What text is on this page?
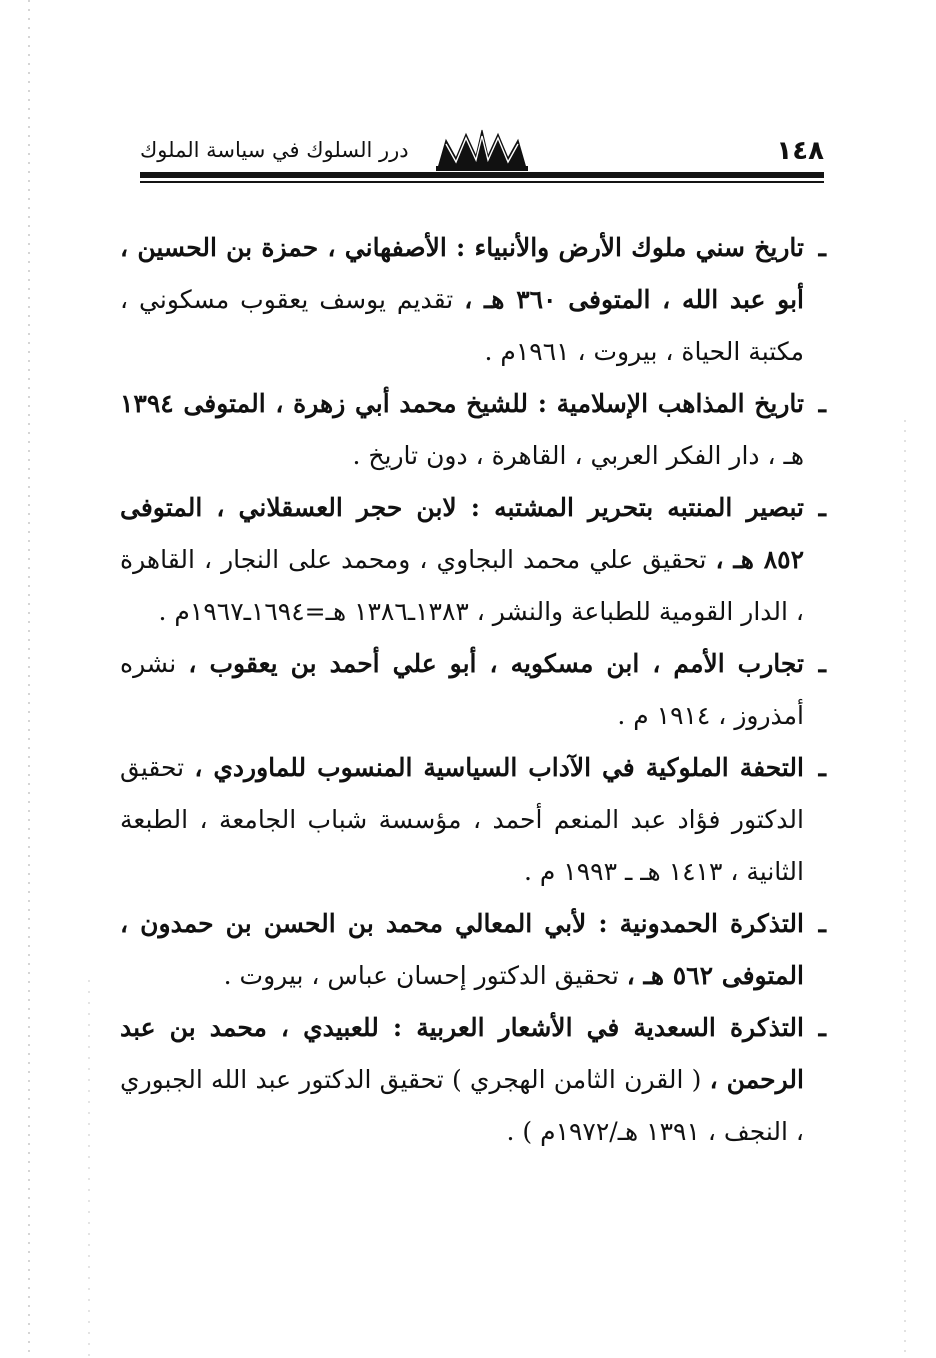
١٤٨
درر السلوك في سياسة الملوك

ـ
تاريخ سني ملوك الأرض والأنبياء : الأصفهاني ، حمزة بن الحسين ، أبو عبد الله ، المتوفى ٣٦٠ هـ ، تقديم يوسف يعقوب مسكوني ، مكتبة الحياة ، بيروت ، ١٩٦١م .

ـ
تاريخ المذاهب الإسلامية : للشيخ محمد أبي زهرة ، المتوفى ١٣٩٤ هـ ، دار الفكر العربي ، القاهرة ، دون تاريخ .

ـ
تبصير المنتبه بتحرير المشتبه : لابن حجر العسقلاني ، المتوفى ٨٥٢ هـ ، تحقيق علي محمد البجاوي ، ومحمد على النجار ، القاهرة ، الدار القومية للطباعة والنشر ، ١٣٨٣ـ١٣٨٦ هـ=١٦٩٤ـ١٩٦٧م .

ـ
تجارب الأمم ، ابن مسكويه ، أبو علي أحمد بن يعقوب ، نشره أمذروز ، ١٩١٤ م .

ـ
التحفة الملوكية في الآداب السياسية المنسوب للماوردي ، تحقيق الدكتور فؤاد عبد المنعم أحمد ، مؤسسة شباب الجامعة ، الطبعة الثانية ، ١٤١٣ هـ ـ ١٩٩٣ م .

ـ
التذكرة الحمدونية : لأبي المعالي محمد بن الحسن بن حمدون ، المتوفى ٥٦٢ هـ ، تحقيق الدكتور إحسان عباس ، بيروت .

ـ
التذكرة السعدية في الأشعار العربية : للعبيدي ، محمد بن عبد الرحمن ، ( القرن الثامن الهجري ) تحقيق الدكتور عبد الله الجبوري ، النجف ، ١٣٩١ هـ/١٩٧٢م ) .
